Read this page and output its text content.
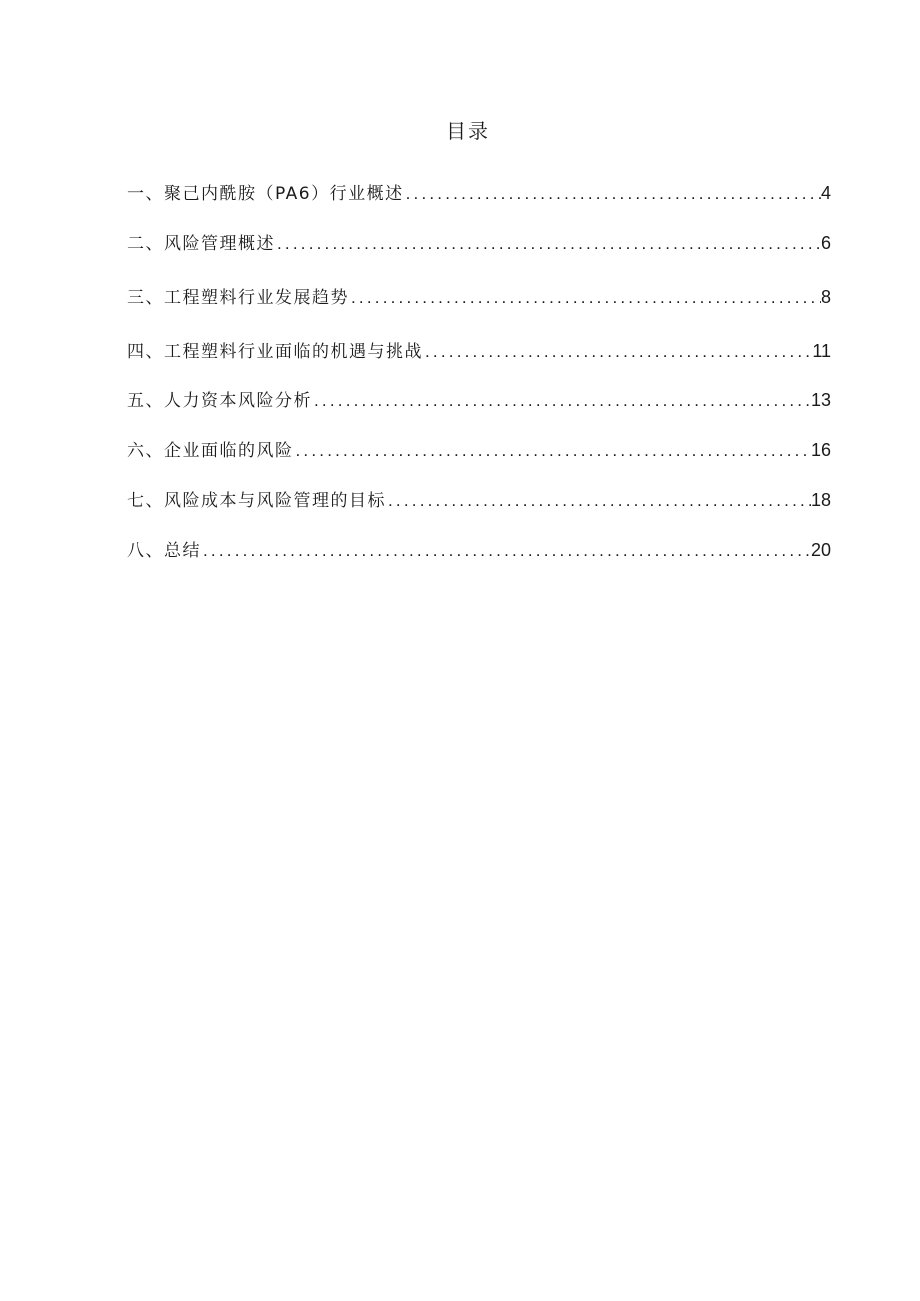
目录
一、聚己内酰胺（PA6）行业概述 .....	4
二、风险管理概述 .....	6
三、工程塑料行业发展趋势 .....	8
四、工程塑料行业面临的机遇与挑战 .....	11
五、人力资本风险分析 .....	13
六、企业面临的风险 .....	16
七、风险成本与风险管理的目标 .....	18
八、总结 .....	20
